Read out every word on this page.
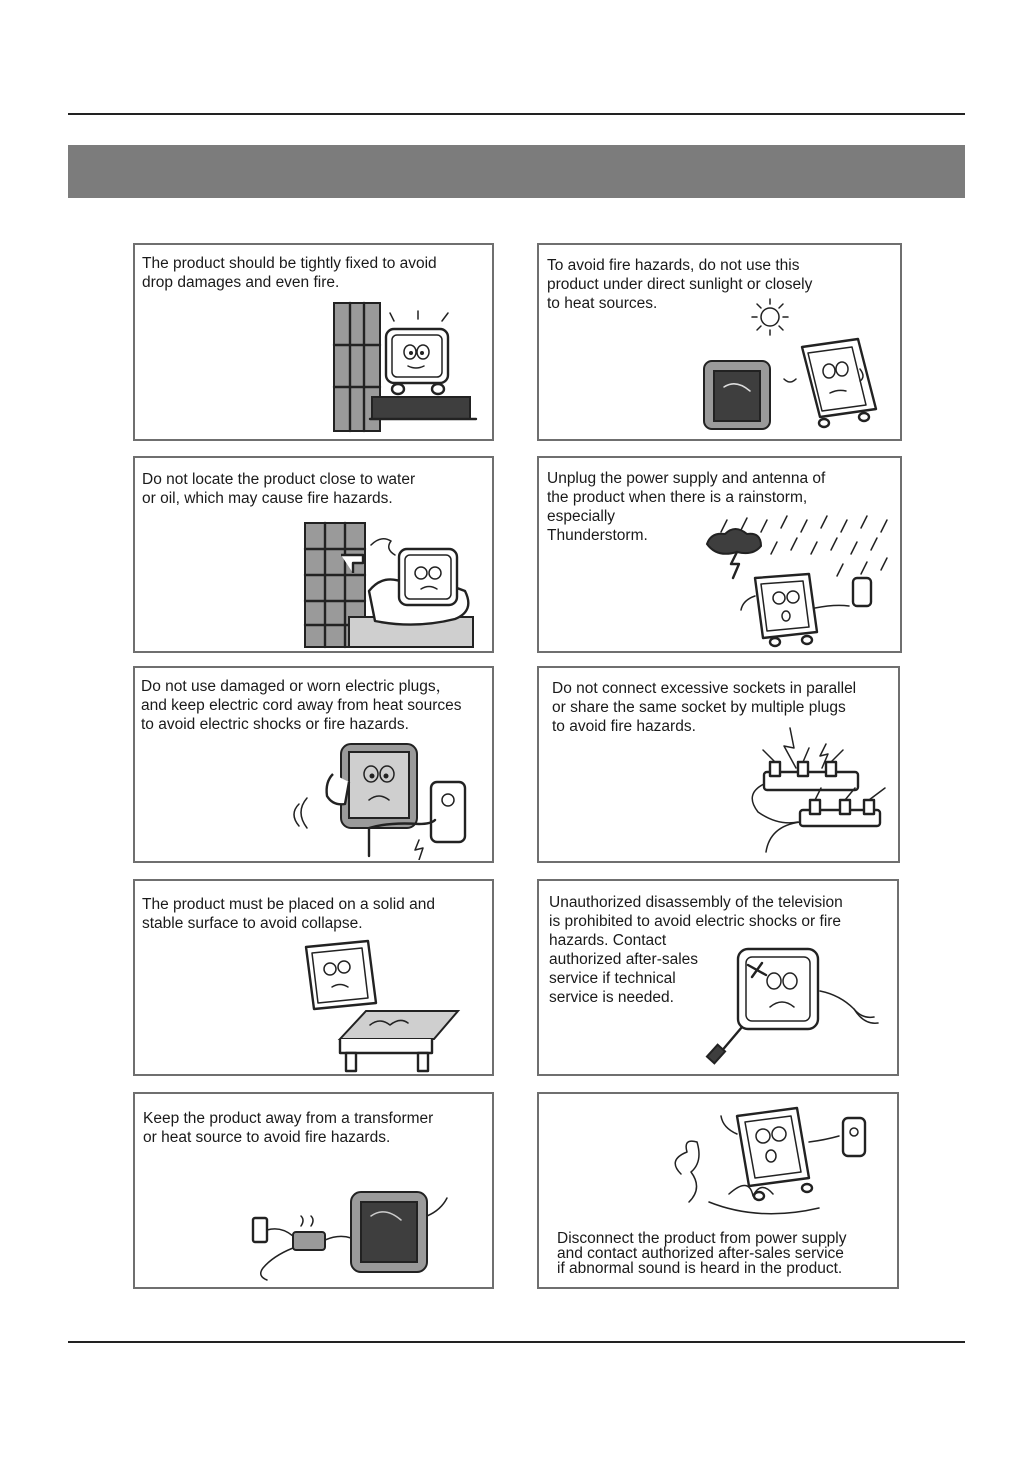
The product should be tightly fixed to avoid
drop damages and even fire.
To avoid fire hazards, do not use this
product under direct sunlight or closely
to heat sources.
Do not locate the product close to water
or oil, which may cause fire hazards.
Unplug the power supply and antenna of
the product when there is a rainstorm,
especially
Thunderstorm.
Do not use damaged or worn electric plugs，
and keep electric cord away from heat sources
to avoid electric shocks or fire hazards.
Do not connect excessive sockets in parallel
or share the same socket by multiple plugs
to avoid fire hazards.
The product must be placed on a solid and
stable surface to avoid collapse.
Unauthorized disassembly of the television
is prohibited to avoid electric shocks or fire
hazards. Contact
authorized after-sales
service if technical
service is needed.
Keep the product away from a transformer
or heat source to avoid fire hazards.
Disconnect the product from power supply
and contact authorized after-sales service
if abnormal sound is heard in the product.
